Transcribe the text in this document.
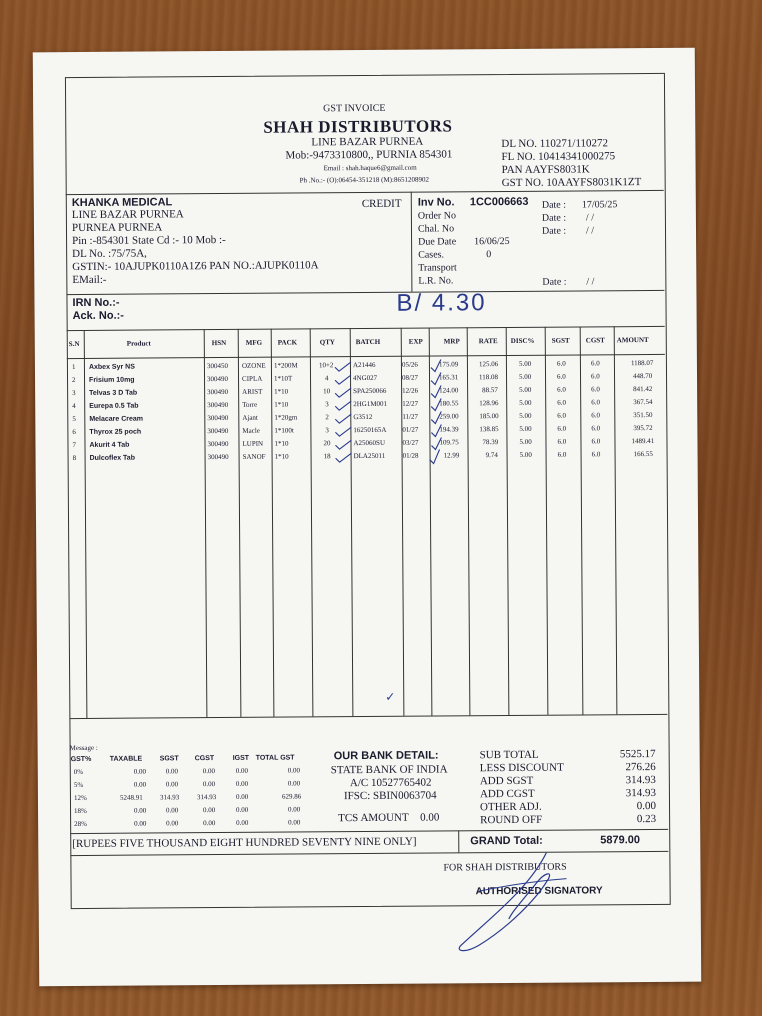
GST INVOICE
SHAH DISTRIBUTORS
LINE BAZAR PURNEA
Mob:-9473310800,, PURNIA 854301
Email : shah.haque6@gmail.com
Ph .No.:- (O):06454-351218 (M):8651208902
DL NO. 110271/110272
FL NO. 10414341000275
PAN AAYFS8031K
GST NO. 10AAYFS8031K1ZT
KHANKA MEDICAL
LINE BAZAR PURNEA
PURNEA PURNEA
Pin :-854301 State Cd :- 10 Mob :-
DL No. :75/75A,
GSTIN:- 10AJUPK0110A1Z6 PAN NO.:AJUPK0110A
EMail:-
CREDIT Inv No. 1CC006663
Order No
Chal. No
Due Date 16/06/25
Cases.	0
Transport
L.R. No.
Date : 17/05/25
Date : / /
Date : / /
Date : / /
IRN No.:-
Ack. No.:-	B/ 4.30
S.N	Product	HSN	MFG PACK	QTY	BATCH	EXP	MRP	RATE DISC% SGST CGST AMOUNT
1 Axbex Syr NS	300450 OZONE 1*200M	10+2	A21446	05/26	175.09	125.06	5.00	6.0	6.0	1188.07
2 Frisium 10mg	300490 CIPLA 1*10T	4	4NG027	08/27	165.31	118.08	5.00	6.0	6.0	448.70
3 Telvas 3 D Tab	300490 ARIST 1*10	10	SPA250066 12/26	124.00	88.57	5.00	6.0	6.0	841.42
4 Eurepa 0.5 Tab	300490 Torre 1*10	3	2HG1M001 12/27	180.55	128.96	5.00	6.0	6.0	367.54
5 Melacare Cream	300490 Ajant 1*20gm	2	G3512	11/27	259.00	185.00	5.00	6.0	6.0	351.50
6 Thyrox 25 poch	300490 Macle 1*100t	3	16250165A 01/27	194.39	138.85	5.00	6.0	6.0	395.72
7 Akurit 4 Tab	300490 LUPIN 1*10	20	A25060SU 03/27	109.75	78.39	5.00	6.0	6.0	1489.41
8 Dulcoflex Tab	300490 SANOF 1*10	18	DLA25011 01/28	12.99	9.74	5.00	6.0	6.0	166.55
✓
Message :
GST%	TAXABLE SGST CGST	IGST TOTAL GST
0%	0.00	0.00	0.00	0.00	0.00
5%	0.00	0.00	0.00	0.00	0.00
12%	5248.91 314.93	314.93	0.00	629.86
18%	0.00	0.00	0.00	0.00	0.00
28%	0.00	0.00	0.00	0.00	0.00
OUR BANK DETAIL:
STATE BANK OF INDIA
A/C 10527765402
IFSC: SBIN0063704
TCS AMOUNT 0.00
SUB TOTAL	5525.17
LESS DISCOUNT	276.26
ADD SGST	314.93
ADD CGST	314.93
OTHER ADJ.	0.00
ROUND OFF	0.23
[RUPEES FIVE THOUSAND EIGHT HUNDRED SEVENTY NINE ONLY]	GRAND Total:	5879.00
FOR SHAH DISTRIBUTORS
AUTHORISED SIGNATORY
